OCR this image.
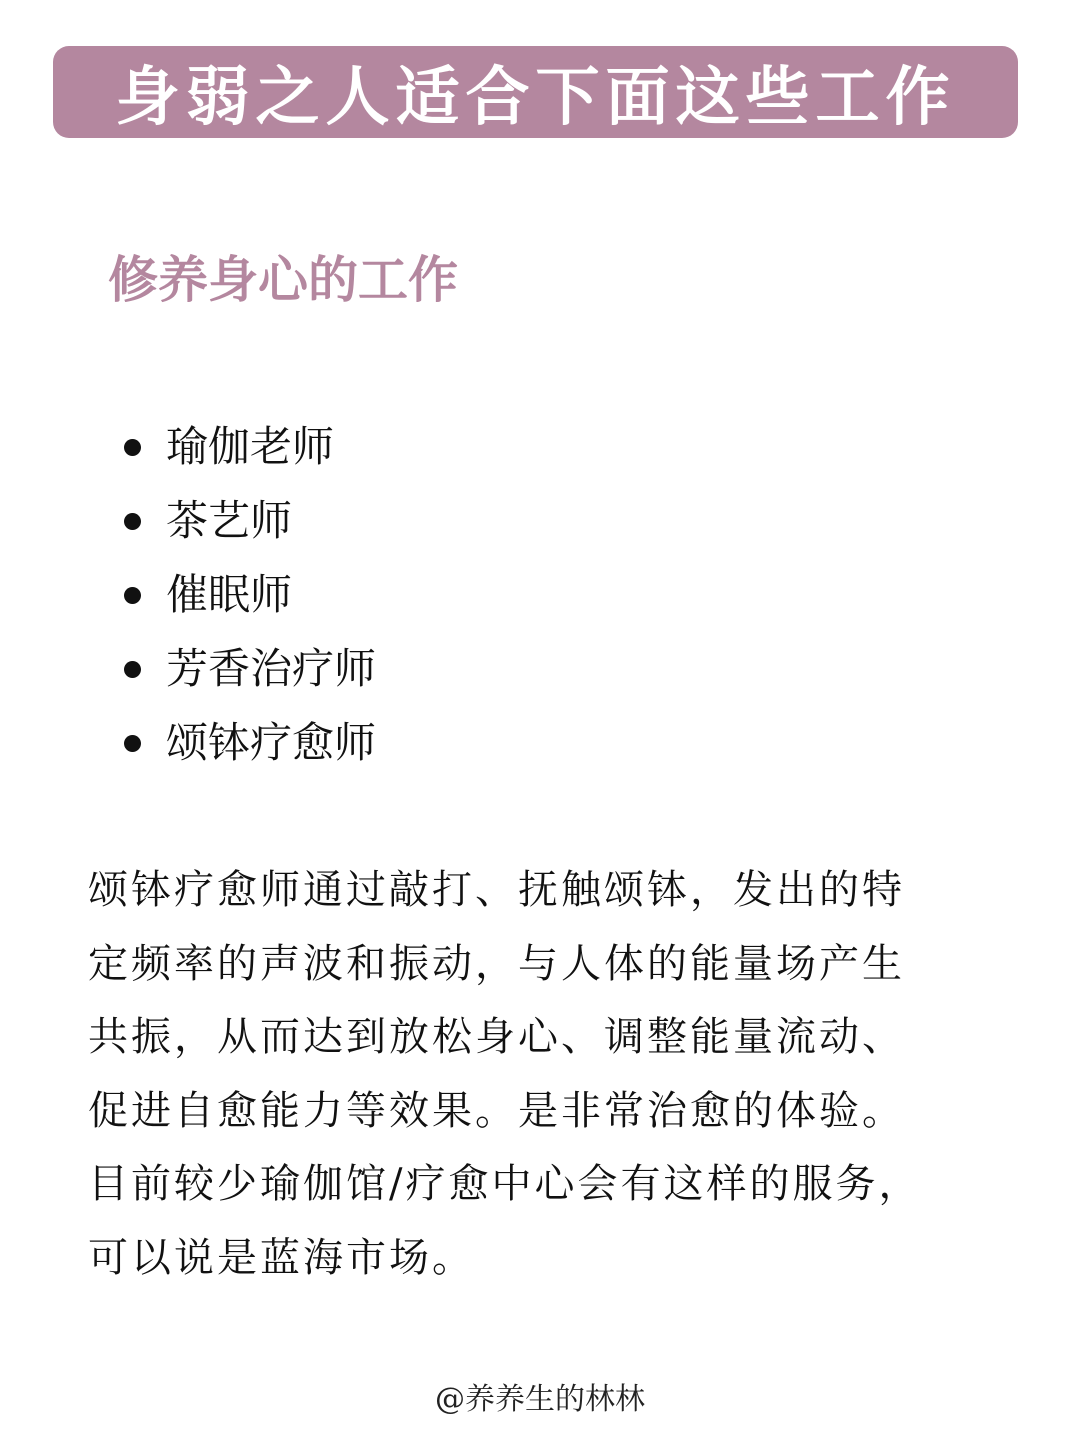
身弱之人适合下面这些工作
修养身心的工作
瑜伽老师
茶艺师
催眠师
芳香治疗师
颂钵疗愈师

颂钵疗愈师通过敲打、抚触颂钵，发出的特
定频率的声波和振动，与人体的能量场产生
共振，从而达到放松身心、调整能量流动、
促进自愈能力等效果。是非常治愈的体验。
目前较少瑜伽馆/疗愈中心会有这样的服务，
可以说是蓝海市场。

@养养生的林林
